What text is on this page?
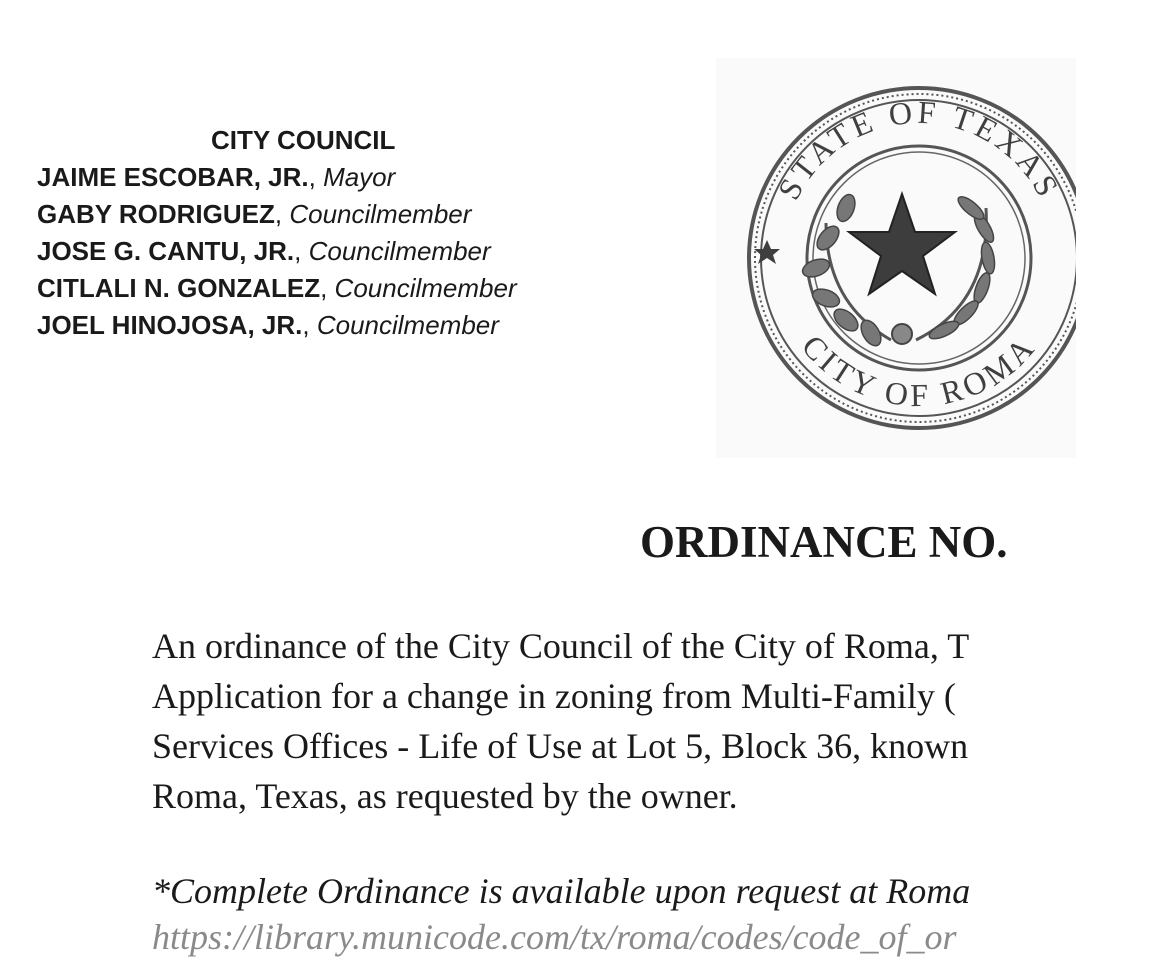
CITY COUNCIL

JAIME ESCOBAR, JR., Mayor

GABY RODRIGUEZ, Councilmember

JOSE G. CANTU, JR., Councilmember

CITLALI N. GONZALEZ, Councilmember

JOEL HINOJOSA, JR., Councilmember

STATE OF TEXAS
CITY OF ROMA

ORDINANCE NO.

An ordinance of the City Council of the City of Roma, T
Application for a change in zoning from Multi-Family (
Services Offices - Life of Use at Lot 5, Block 36, known
Roma, Texas, as requested by the owner.

*Complete Ordinance is available upon request at Roma

https://library.municode.com/tx/roma/codes/code_of_or
